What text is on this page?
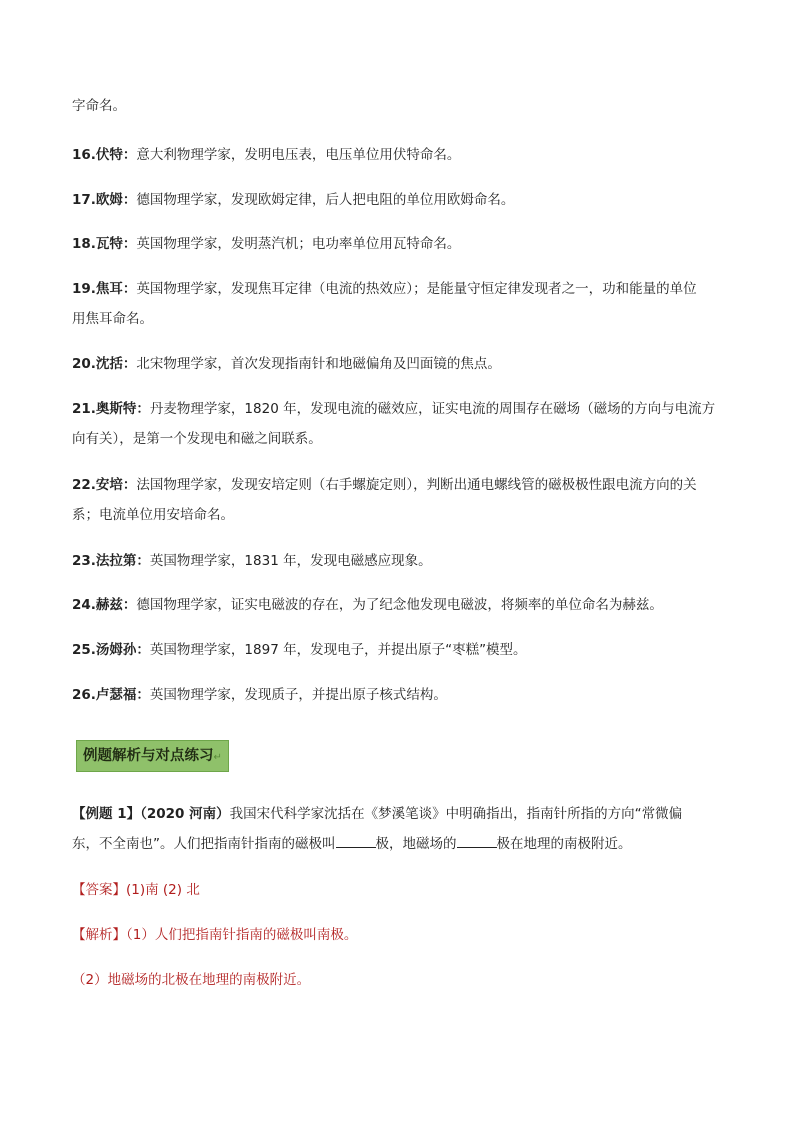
字命名。
16.伏特：意大利物理学家，发明电压表，电压单位用伏特命名。
17.欧姆：德国物理学家，发现欧姆定律，后人把电阻的单位用欧姆命名。
18.瓦特：英国物理学家，发明蒸汽机；电功率单位用瓦特命名。
19.焦耳：英国物理学家，发现焦耳定律（电流的热效应）；是能量守恒定律发现者之一，功和能量的单位
用焦耳命名。
20.沈括：北宋物理学家，首次发现指南针和地磁偏角及凹面镜的焦点。
21.奥斯特：丹麦物理学家，1820 年，发现电流的磁效应，证实电流的周围存在磁场（磁场的方向与电流方
向有关），是第一个发现电和磁之间联系。
22.安培：法国物理学家，发现安培定则（右手螺旋定则），判断出通电螺线管的磁极极性跟电流方向的关
系；电流单位用安培命名。
23.法拉第：英国物理学家，1831 年，发现电磁感应现象。
24.赫兹：德国物理学家，证实电磁波的存在，为了纪念他发现电磁波，将频率的单位命名为赫兹。
25.汤姆孙：英国物理学家，1897 年，发现电子，并提出原子“枣糕”模型。
26.卢瑟福：英国物理学家，发现质子，并提出原子核式结构。
例题解析与对点练习↵
【例题 1】（2020 河南）我国宋代科学家沈括在《梦溪笔谈》中明确指出，指南针所指的方向“常微偏
东，不全南也”。人们把指南针指南的磁极叫	极，地磁场的	极在地理的南极附近。
【答案】(1)南 (2) 北
【解析】（1）人们把指南针指南的磁极叫南极。
（2）地磁场的北极在地理的南极附近。
